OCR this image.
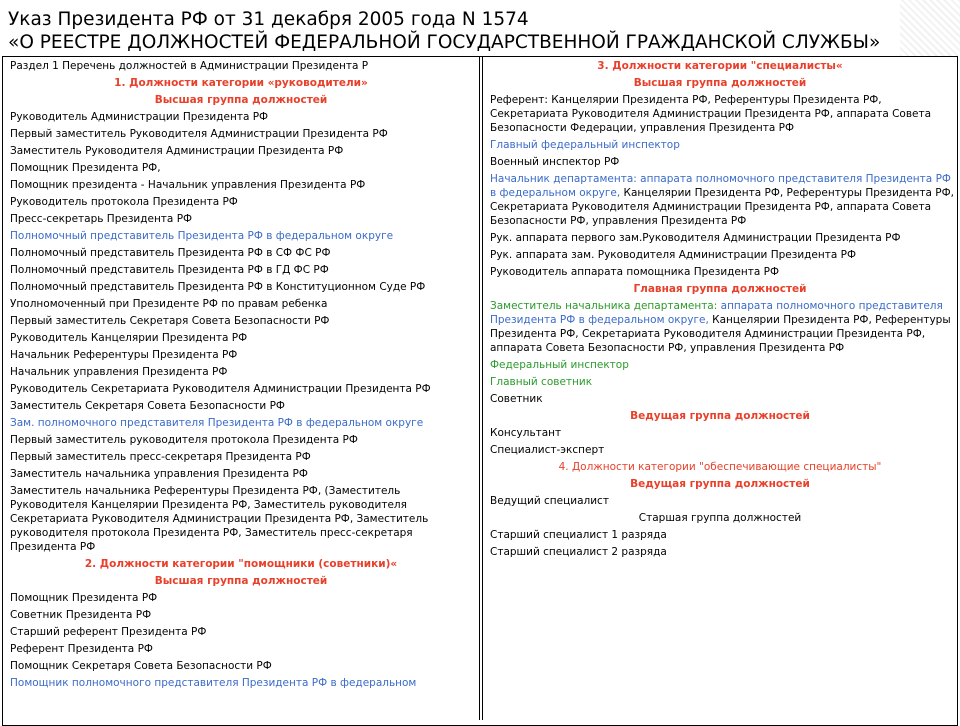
Указ Президента РФ от 31 декабря 2005 года N 1574
«О РЕЕСТРЕ ДОЛЖНОСТЕЙ ФЕДЕРАЛЬНОЙ ГОСУДАРСТВЕННОЙ ГРАЖДАНСКОЙ СЛУЖБЫ»
Раздел 1 Перечень должностей в Администрации Президента Р
1. Должности категории «руководители»
Высшая группа должностей
Руководитель Администрации Президента РФ
Первый заместитель Руководителя Администрации Президента РФ
Заместитель Руководителя Администрации Президента РФ
Помощник Президента РФ,
Помощник президента - Начальник управления Президента РФ
Руководитель протокола Президента РФ
Пресс-секретарь Президента РФ
Полномочный представитель Президента РФ в федеральном округе
Полномочный представитель Президента РФ в СФ ФС РФ
Полномочный представитель Президента РФ в ГД ФС РФ
Полномочный представитель Президента РФ в Конституционном Суде РФ
Уполномоченный при Президенте РФ по правам ребенка
Первый заместитель Секретаря Совета Безопасности РФ
Руководитель Канцелярии Президента РФ
Начальник Референтуры Президента РФ
Начальник управления Президента РФ
Руководитель Секретариата Руководителя Администрации Президента РФ
Заместитель Секретаря Совета Безопасности РФ
Зам. полномочного представителя Президента РФ в федеральном округе
Первый заместитель руководителя протокола Президента РФ
Первый заместитель пресс-секретаря Президента РФ
Заместитель начальника управления Президента РФ
Заместитель начальника Референтуры Президента РФ, (Заместитель Руководителя Канцелярии Президента РФ, Заместитель руководителя Секретариата Руководителя Администрации Президента РФ, Заместитель руководителя протокола Президента РФ, Заместитель пресс-секретаря Президента РФ
2. Должности категории "помощники (советники)«
Высшая группа должностей
Помощник Президента РФ
Советник Президента РФ
Старший референт Президента РФ
Референт Президента РФ
Помощник Секретаря Совета Безопасности РФ
Помощник полномочного представителя Президента РФ в федеральном
3. Должности категории "специалисты«
Высшая группа должностей
Референт: Канцелярии Президента РФ, Референтуры Президента РФ, Секретариата Руководителя Администрации Президента РФ, аппарата Совета Безопасности Федерации, управления Президента РФ
Главный федеральный инспектор
Военный инспектор РФ
Начальник департамента: аппарата полномочного представителя Президента РФ в федеральном округе, Канцелярии Президента РФ, Референтуры Президента РФ, Секретариата Руководителя Администрации Президента РФ, аппарата Совета Безопасности РФ, управления Президента РФ
Рук. аппарата первого зам.Руководителя Администрации Президента РФ
Рук. аппарата зам. Руководителя Администрации Президента РФ
Руководитель аппарата помощника Президента РФ
Главная группа должностей
Заместитель начальника департамента: аппарата полномочного представителя Президента РФ в федеральном округе, Канцелярии Президента РФ, Референтуры Президента РФ, Секретариата Руководителя Администрации Президента РФ, аппарата Совета Безопасности РФ, управления Президента РФ
Федеральный инспектор
Главный советник
Советник
Ведущая группа должностей
Консультант
Специалист-эксперт
4. Должности категории "обеспечивающие специалисты"
Ведущая группа должностей
Ведущий специалист
Старшая группа должностей
Старший специалист 1 разряда
Старший специалист 2 разряда
